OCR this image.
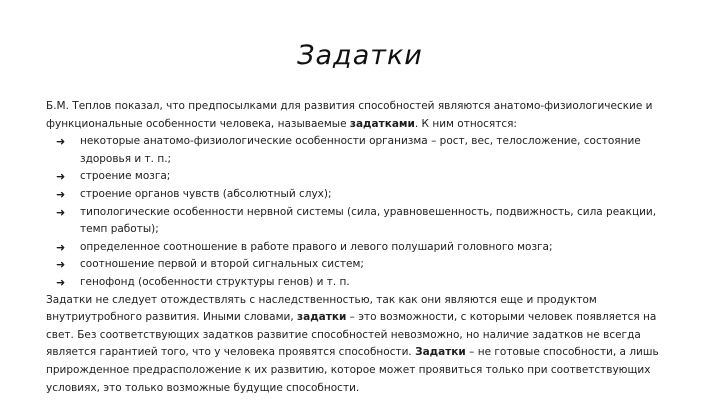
Задатки

Б.М. Теплов показал, что предпосылками для развития способностей являются анатомо-физиологические и функциональные особенности человека, называемые задатками. К ним относятся:

➜ некоторые анатомо-физиологические особенности организма – рост, вес, телосложение, состояние здоровья и т. п.;
➜ строение мозга;
➜ строение органов чувств (абсолютный слух);
➜ типологические особенности нервной системы (сила, уравновешенность, подвижность, сила реакции, темп работы);
➜ определенное соотношение в работе правого и левого полушарий головного мозга;
➜ соотношение первой и второй сигнальных систем;
➜ генофонд (особенности структуры генов) и т. п.

Задатки не следует отождествлять с наследственностью, так как они являются еще и продуктом внутриутробного развития. Иными словами, задатки – это возможности, с которыми человек появляется на свет. Без соответствующих задатков развитие способностей невозможно, но наличие задатков не всегда является гарантией того, что у человека проявятся способности. Задатки – не готовые способности, а лишь прирожденное предрасположение к их развитию, которое может проявиться только при соответствующих условиях, это только возможные будущие способности.
